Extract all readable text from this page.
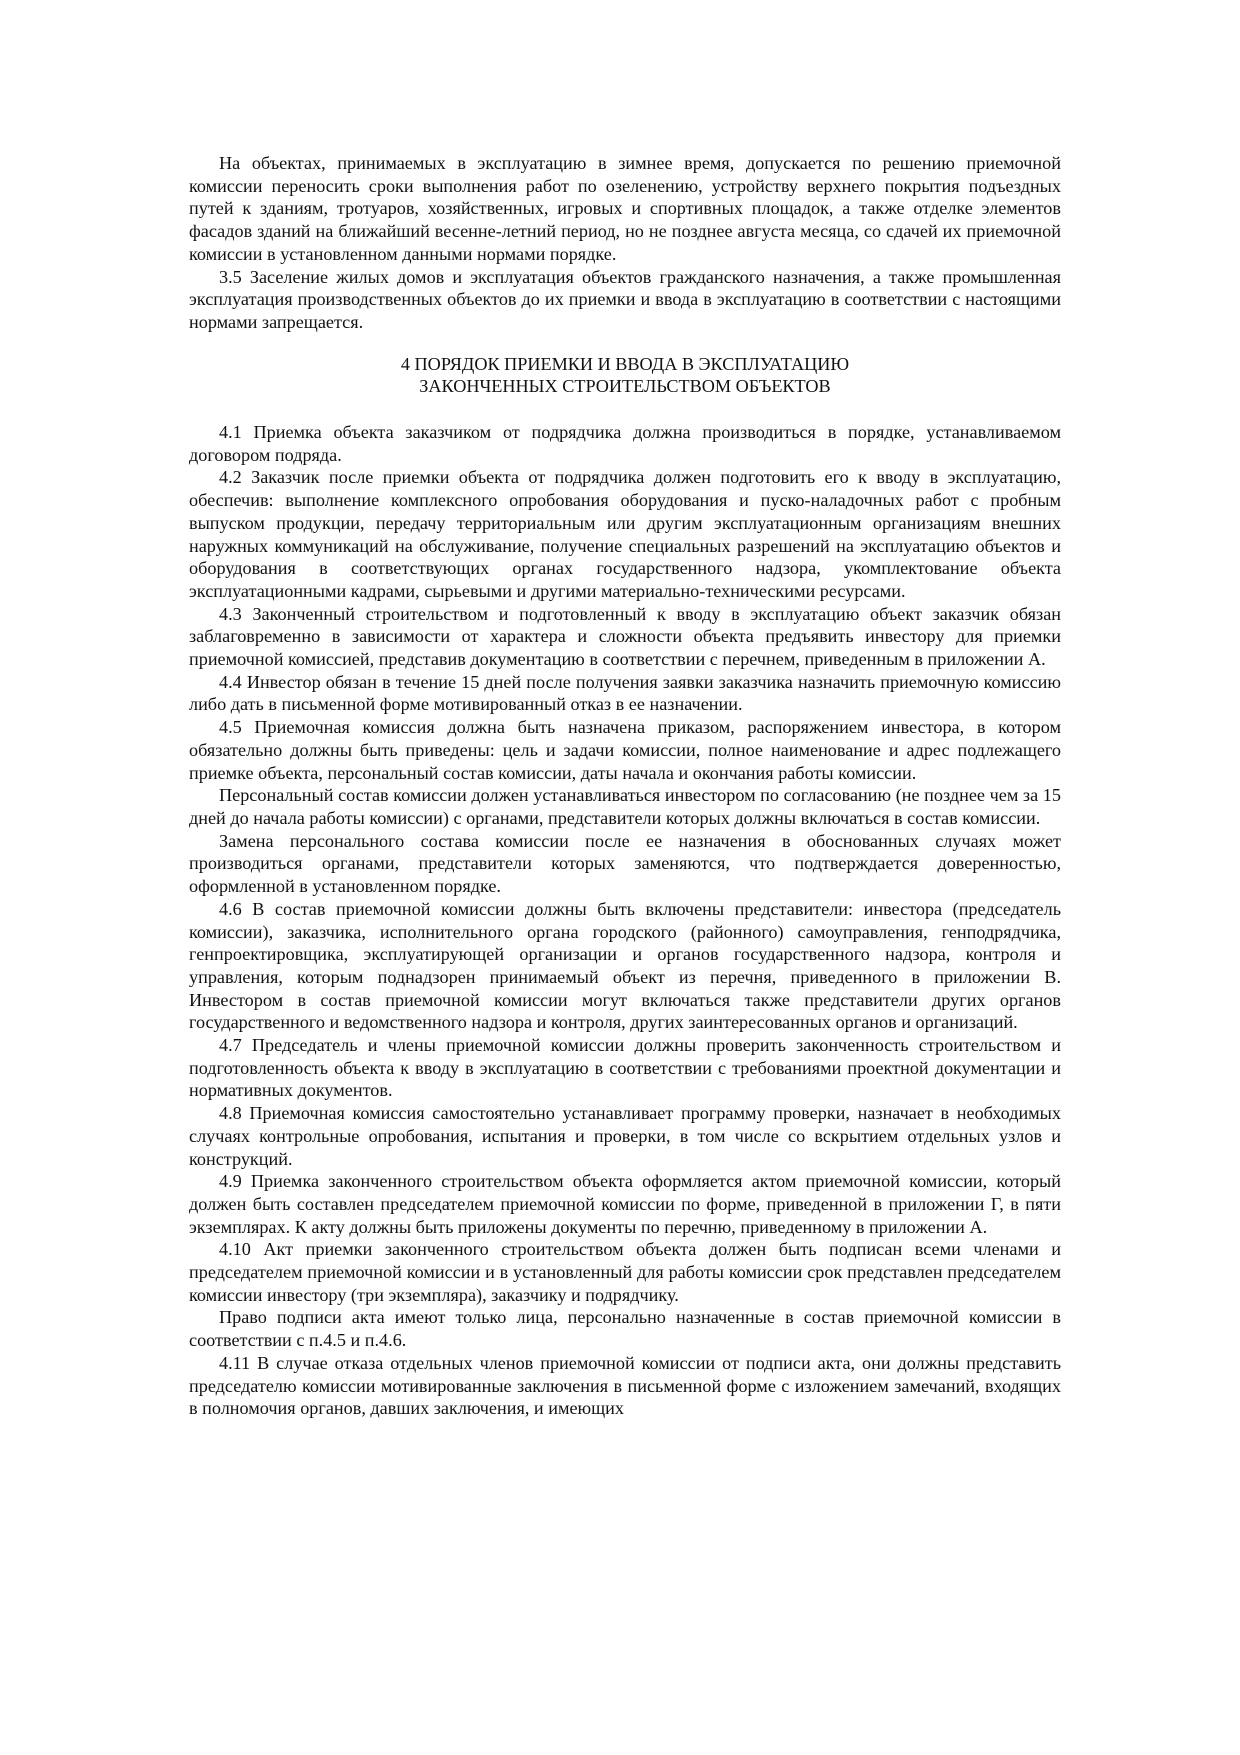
На объектах, принимаемых в эксплуатацию в зимнее время, допускается по решению приемочной комиссии переносить сроки выполнения работ по озеленению, устройству верхнего покрытия подъездных путей к зданиям, тротуаров, хозяйственных, игровых и спортивных площадок, а также отделке элементов фасадов зданий на ближайший весенне-летний период, но не позднее августа месяца, со сдачей их приемочной комиссии в установленном данными нормами порядке.

3.5 Заселение жилых домов и эксплуатация объектов гражданского назначения, а также промышленная эксплуатация производственных объектов до их приемки и ввода в эксплуатацию в соответствии с настоящими нормами запрещается.

4 ПОРЯДОК ПРИЕМКИ И ВВОДА В ЭКСПЛУАТАЦИЮ
ЗАКОНЧЕННЫХ СТРОИТЕЛЬСТВОМ ОБЪЕКТОВ

4.1 Приемка объекта заказчиком от подрядчика должна производиться в порядке, устанавливаемом договором подряда.

4.2 Заказчик после приемки объекта от подрядчика должен подготовить его к вводу в эксплуатацию, обеспечив: выполнение комплексного опробования оборудования и пуско-наладочных работ с пробным выпуском продукции, передачу территориальным или другим эксплуатационным организациям внешних наружных коммуникаций на обслуживание, получение специальных разрешений на эксплуатацию объектов и оборудования в соответствующих органах государственного надзора, укомплектование объекта эксплуатационными кадрами, сырьевыми и другими материально-техническими ресурсами.

4.3 Законченный строительством и подготовленный к вводу в эксплуатацию объект заказчик обязан заблаговременно в зависимости от характера и сложности объекта предъявить инвестору для приемки приемочной комиссией, представив документацию в соответствии с перечнем, приведенным в приложении А.

4.4 Инвестор обязан в течение 15 дней после получения заявки заказчика назначить приемочную комиссию либо дать в письменной форме мотивированный отказ в ее назначении.

4.5 Приемочная комиссия должна быть назначена приказом, распоряжением инвестора, в котором обязательно должны быть приведены: цель и задачи комиссии, полное наименование и адрес подлежащего приемке объекта, персональный состав комиссии, даты начала и окончания работы комиссии.

Персональный состав комиссии должен устанавливаться инвестором по согласованию (не позднее чем за 15 дней до начала работы комиссии) с органами, представители которых должны включаться в состав комиссии.

Замена персонального состава комиссии после ее назначения в обоснованных случаях может производиться органами, представители которых заменяются, что подтверждается доверенностью, оформленной в установленном порядке.

4.6 В состав приемочной комиссии должны быть включены представители: инвестора (председатель комиссии), заказчика, исполнительного органа городского (районного) самоуправления, генподрядчика, генпроектировщика, эксплуатирующей организации и органов государственного надзора, контроля и управления, которым поднадзорен принимаемый объект из перечня, приведенного в приложении В. Инвестором в состав приемочной комиссии могут включаться также представители других органов государственного и ведомственного надзора и контроля, других заинтересованных органов и организаций.

4.7 Председатель и члены приемочной комиссии должны проверить законченность строительством и подготовленность объекта к вводу в эксплуатацию в соответствии с требованиями проектной документации и нормативных документов.

4.8 Приемочная комиссия самостоятельно устанавливает программу проверки, назначает в необходимых случаях контрольные опробования, испытания и проверки, в том числе со вскрытием отдельных узлов и конструкций.

4.9 Приемка законченного строительством объекта оформляется актом приемочной комиссии, который должен быть составлен председателем приемочной комиссии по форме, приведенной в приложении Г, в пяти экземплярах. К акту должны быть приложены документы по перечню, приведенному в приложении А.

4.10 Акт приемки законченного строительством объекта должен быть подписан всеми членами и председателем приемочной комиссии и в установленный для работы комиссии срок представлен председателем комиссии инвестору (три экземпляра), заказчику и подрядчику.

Право подписи акта имеют только лица, персонально назначенные в состав приемочной комиссии в соответствии с п.4.5 и п.4.6.

4.11 В случае отказа отдельных членов приемочной комиссии от подписи акта, они должны представить председателю комиссии мотивированные заключения в письменной форме с изложением замечаний, входящих в полномочия органов, давших заключения, и имеющих
